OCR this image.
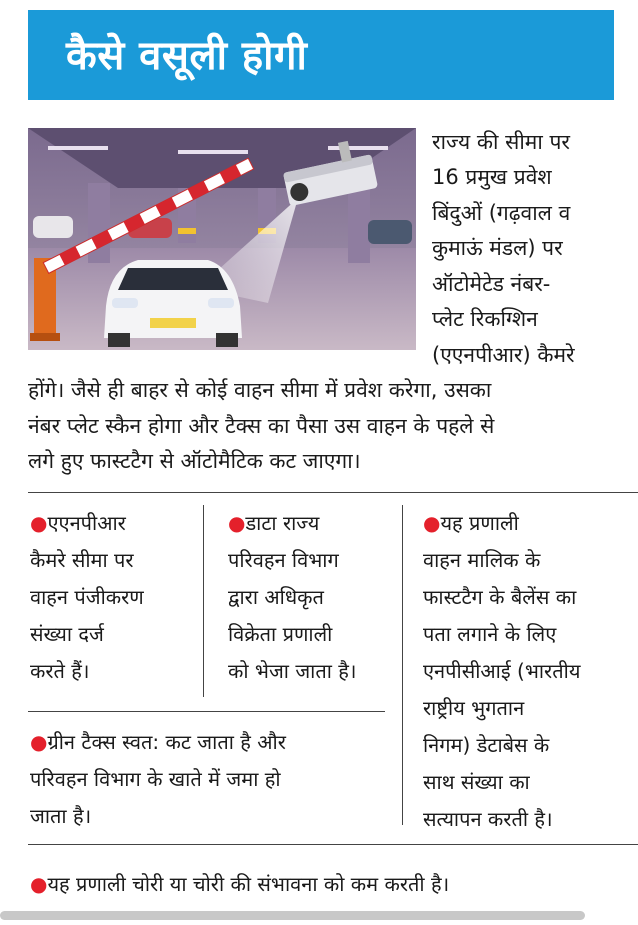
कैसे वसूली होगी
राज्य की सीमा पर
16 प्रमुख प्रवेश
बिंदुओं (गढ़वाल व
कुमाऊं मंडल) पर
ऑटोमेटेड नंबर-
प्लेट रिकग्शिन
(एएनपीआर) कैमरे
होंगे। जैसे ही बाहर से कोई वाहन सीमा में प्रवेश करेगा, उसका
नंबर प्लेट स्कैन होगा और टैक्स का पैसा उस वाहन के पहले से
लगे हुए फास्टटैग से ऑटोमैटिक कट जाएगा।
●एएनपीआर
कैमरे सीमा पर
वाहन पंजीकरण
संख्या दर्ज
करते हैं।
●डाटा राज्य
परिवहन विभाग
द्वारा अधिकृत
विक्रेता प्रणाली
को भेजा जाता है।
●यह प्रणाली
वाहन मालिक के
फास्टटैग के बैलेंस का
पता लगाने के लिए
एनपीसीआई (भारतीय
राष्ट्रीय भुगतान
निगम) डेटाबेस के
साथ संख्या का
सत्यापन करती है।
●ग्रीन टैक्स स्वत: कट जाता है और
परिवहन विभाग के खाते में जमा हो
जाता है।
●यह प्रणाली चोरी या चोरी की संभावना को कम करती है।
